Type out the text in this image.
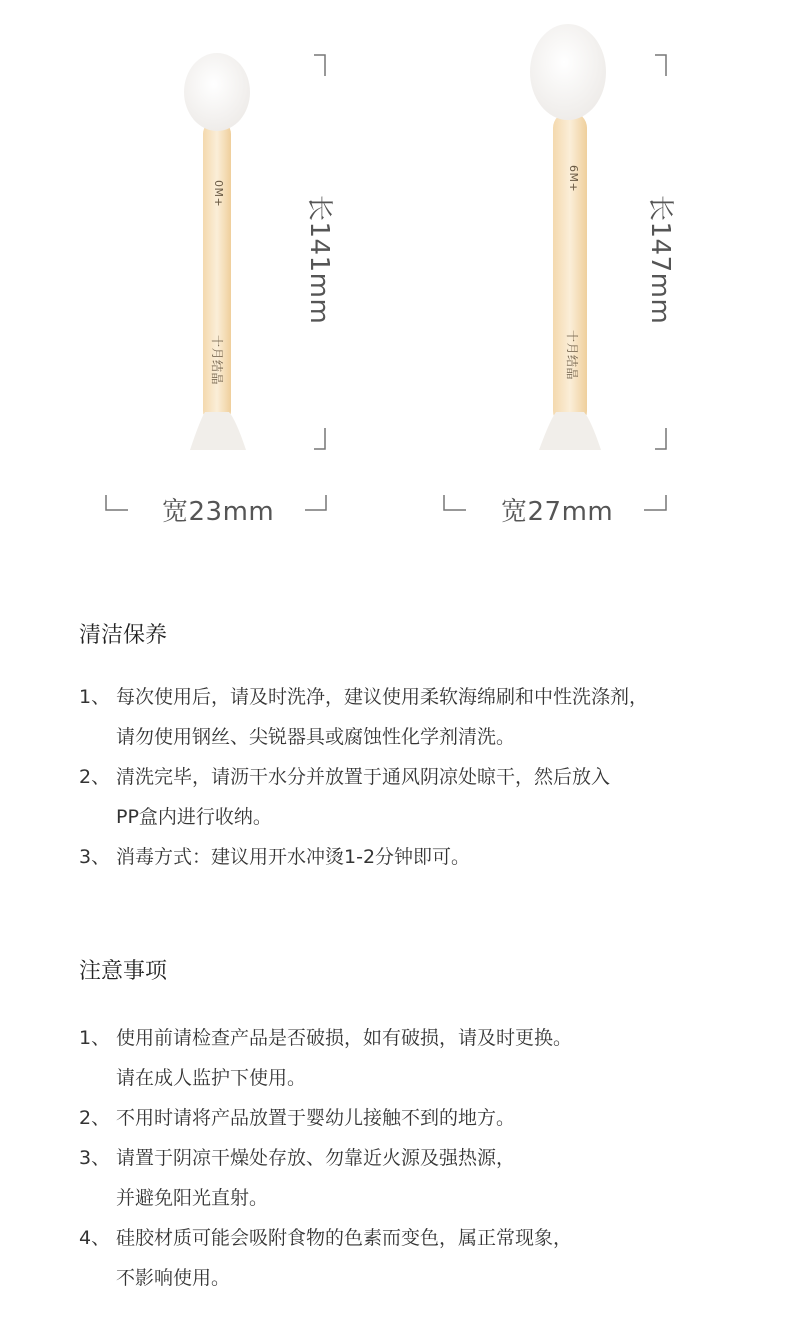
0M+
十月结晶
6M+
十月结晶
长141mm	长147mm
宽23mm	宽27mm
清洁保养
1、 每次使用后，请及时洗净，建议使用柔软海绵刷和中性洗涤剂，
请勿使用钢丝、尖锐器具或腐蚀性化学剂清洗。
2、 清洗完毕，请沥干水分并放置于通风阴凉处晾干，然后放入
PP盒内进行收纳。
3、 消毒方式：建议用开水冲烫1-2分钟即可。
注意事项
1、 使用前请检查产品是否破损，如有破损，请及时更换。
请在成人监护下使用。
2、 不用时请将产品放置于婴幼儿接触不到的地方。
3、 请置于阴凉干燥处存放、勿靠近火源及强热源，
并避免阳光直射。
4、 硅胶材质可能会吸附食物的色素而变色，属正常现象，
不影响使用。
